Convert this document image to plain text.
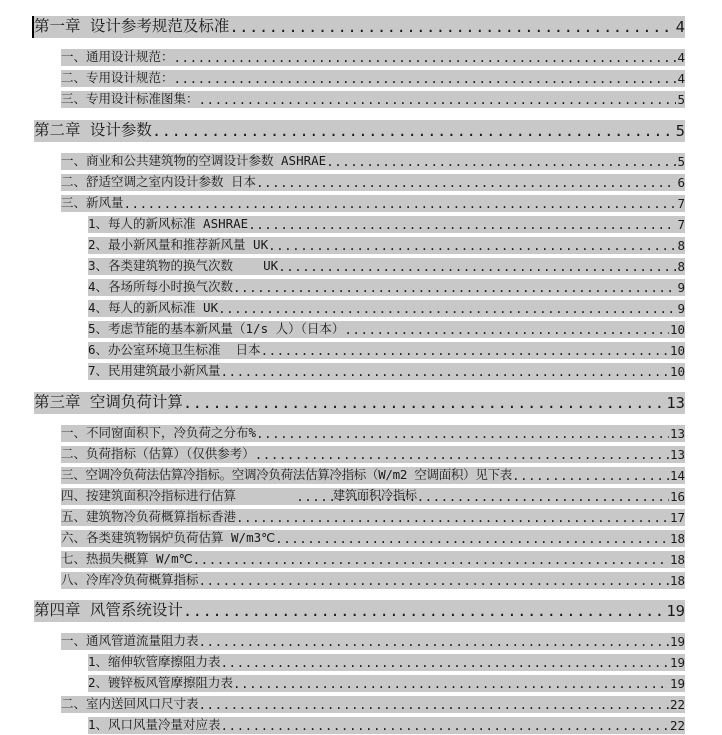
第一章 设计参考规范及标准 .....	4
一、通用设计规范： .....	4
二、专用设计规范： .....	4
三、专用设计标准图集： .....	5
第二章 设计参数 .....	5
一、商业和公共建筑物的空调设计参数 ASHRAE .....	5
二、舒适空调之室内设计参数 日本 .....	6
三、新风量 .....	7
1、每人的新风标准 ASHRAE .....	7
2、最小新风量和推荐新风量 UK .....	8
3、各类建筑物的换气次数    UK .....	8
4、各场所每小时换气次数 .....	9
4、每人的新风标准 UK .....	9
5、考虑节能的基本新风量（1/s 人）（日本） .....	10
6、办公室环境卫生标准  日本 .....	10
7、民用建筑最小新风量 .....	10
第三章 空调负荷计算 .....	13
一、不同窗面积下，冷负荷之分布% .....	13
二、负荷指标（估算）（仅供参考） .....	13
三、空调冷负荷法估算冷指标。空调冷负荷法估算冷指标（W/m2 空调面积）见下表 .....	14
四、按建筑面积冷指标进行估算	建筑面积冷指标 .....	16
五、建筑物冷负荷概算指标香港 .....	17
六、各类建筑物锅炉负荷估算 W/m3℃ .....	18
七、热损失概算 W/m℃ .....	18
八、冷库冷负荷概算指标 .....	18
第四章 风管系统设计 .....	19
一、通风管道流量阻力表 .....	19
1、缩伸软管摩擦阻力表 .....	19
2、镀锌板风管摩擦阻力表 .....	19
二、室内送回风口尺寸表 .....	22
1、风口风量冷量对应表 .....	22
